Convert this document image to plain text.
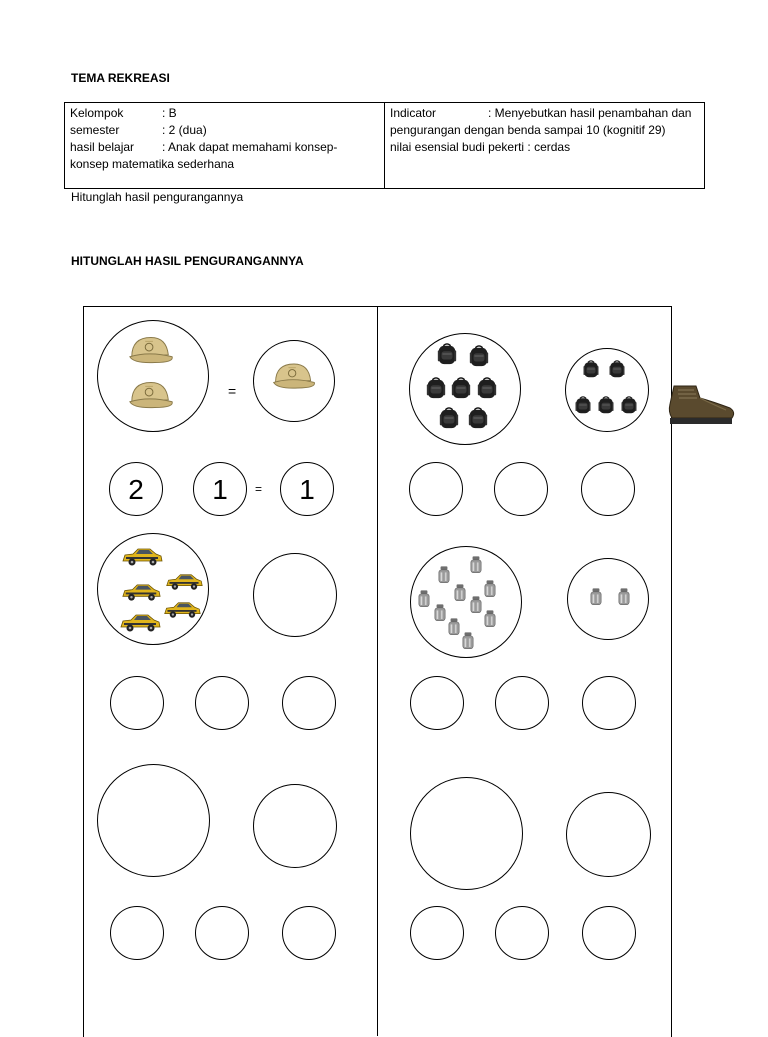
TEMA REKREASI
Kelompok	: B
semester	: 2 (dua)
hasil belajar	: Anak dapat memahami konsep-
konsep matematika sederhana

Indicator	: Menyebutkan hasil penambahan dan
pengurangan dengan benda sampai 10 (kognitif 29)
nilai esensial budi pekerti : cerdas
Hitunglah hasil pengurangannya
HITUNGLAH HASIL PENGURANGANNYA
=
2	1	=	1
